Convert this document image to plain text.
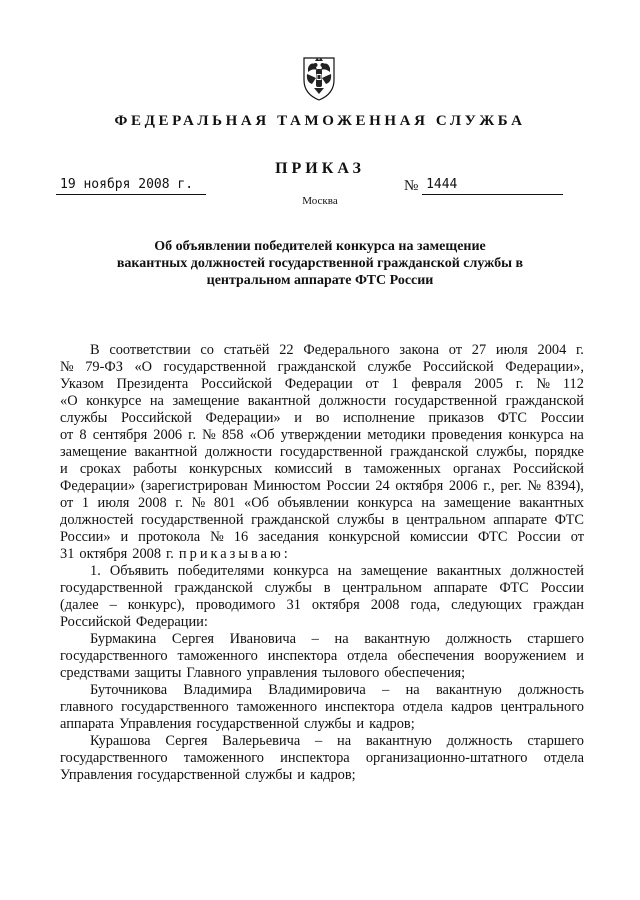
ФЕДЕРАЛЬНАЯ ТАМОЖЕННАЯ СЛУЖБА
ПРИКАЗ
19 ноября 2008 г.	№ 1444
Москва
Об объявлении победителей конкурса на замещение
вакантных должностей государственной гражданской службы в
центральном аппарате ФТС России
В соответствии со статьёй 22 Федерального закона от 27 июля 2004 г.
№ 79-ФЗ «О государственной гражданской службе Российской Федерации»,
Указом Президента Российской Федерации от 1 февраля 2005 г. № 112
«О конкурсе на замещение вакантной должности государственной гражданской
службы Российской Федерации» и во исполнение приказов ФТС России
от 8 сентября 2006 г. № 858 «Об утверждении методики проведения конкурса на
замещение вакантной должности государственной гражданской службы, порядке
и сроках работы конкурсных комиссий в таможенных органах Российской
Федерации» (зарегистрирован Минюстом России 24 октября 2006 г., рег. № 8394),
от 1 июля 2008 г. № 801 «Об объявлении конкурса на замещение вакантных
должностей государственной гражданской службы в центральном аппарате ФТС
России» и протокола № 16 заседания конкурсной комиссии ФТС России от
31 октября 2008 г. приказываю:
1. Объявить победителями конкурса на замещение вакантных должностей
государственной гражданской службы в центральном аппарате ФТС России
(далее – конкурс), проводимого 31 октября 2008 года, следующих граждан
Российской Федерации:
Бурмакина Сергея Ивановича – на вакантную должность старшего
государственного таможенного инспектора отдела обеспечения вооружением и
средствами защиты Главного управления тылового обеспечения;
Буточникова Владимира Владимировича – на вакантную должность
главного государственного таможенного инспектора отдела кадров центрального
аппарата Управления государственной службы и кадров;
Курашова Сергея Валерьевича – на вакантную должность старшего
государственного таможенного инспектора организационно-штатного отдела
Управления государственной службы и кадров;
